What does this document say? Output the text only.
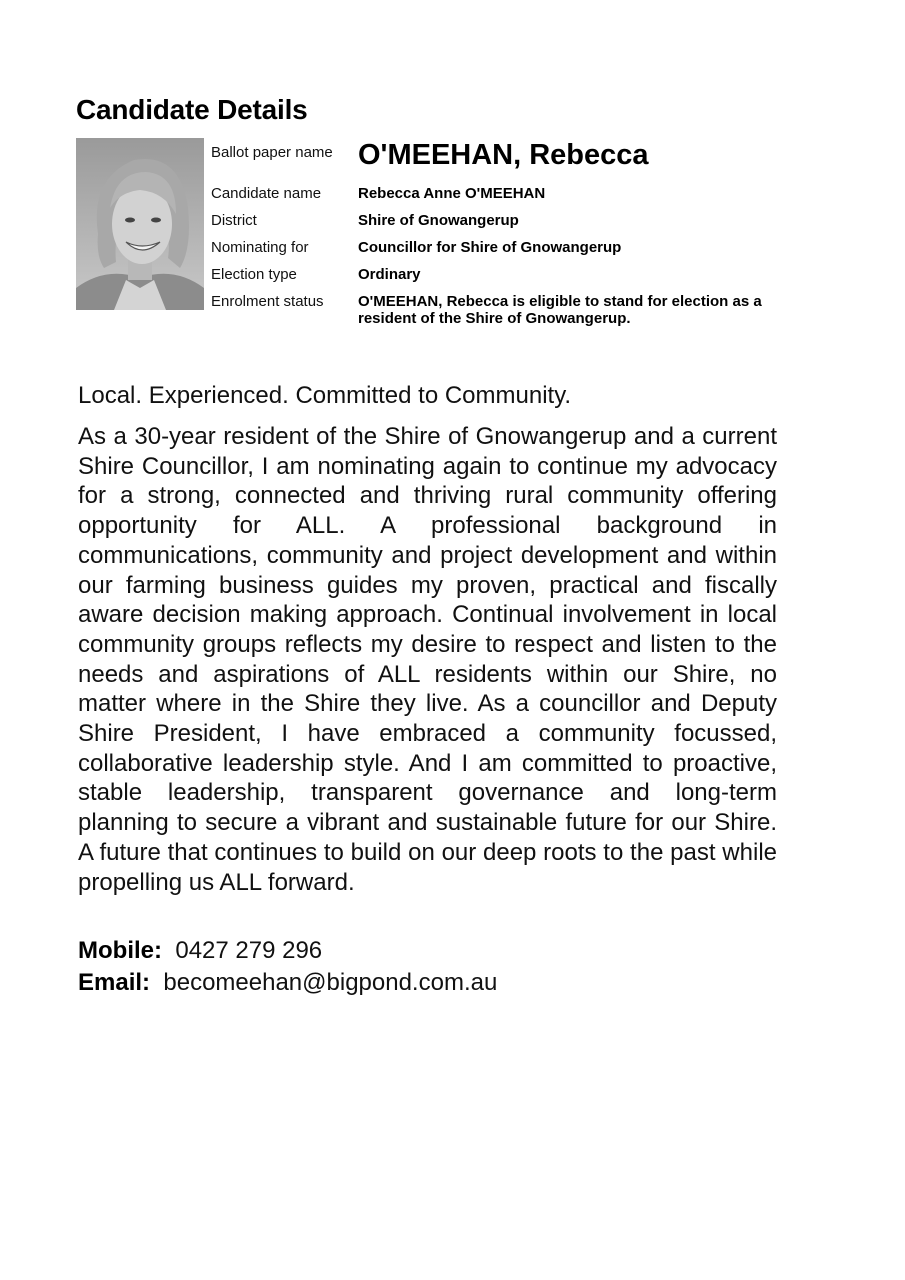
Candidate Details
Ballot paper name O'MEEHAN, Rebecca
Candidate name	Rebecca Anne O'MEEHAN
District	Shire of Gnowangerup
Nominating for	Councillor for Shire of Gnowangerup
Election type	Ordinary
Enrolment status	O'MEEHAN, Rebecca is eligible to stand for election as a resident of the Shire of Gnowangerup.
Local. Experienced. Committed to Community.
As a 30-year resident of the Shire of Gnowangerup and a current Shire Councillor, I am nominating again to continue my advocacy for a strong, connected and thriving rural community offering opportunity for ALL. A professional background in communications, community and project development and within our farming business guides my proven, practical and fiscally aware decision making approach. Continual involvement in local community groups reflects my desire to respect and listen to the needs and aspirations of ALL residents within our Shire, no matter where in the Shire they live. As a councillor and Deputy Shire President, I have embraced a community focussed, collaborative leadership style. And I am committed to proactive, stable leadership, transparent governance and long-term planning to secure a vibrant and sustainable future for our Shire. A future that continues to build on our deep roots to the past while propelling us ALL forward.
Mobile: 0427 279 296
Email: becomeehan@bigpond.com.au
